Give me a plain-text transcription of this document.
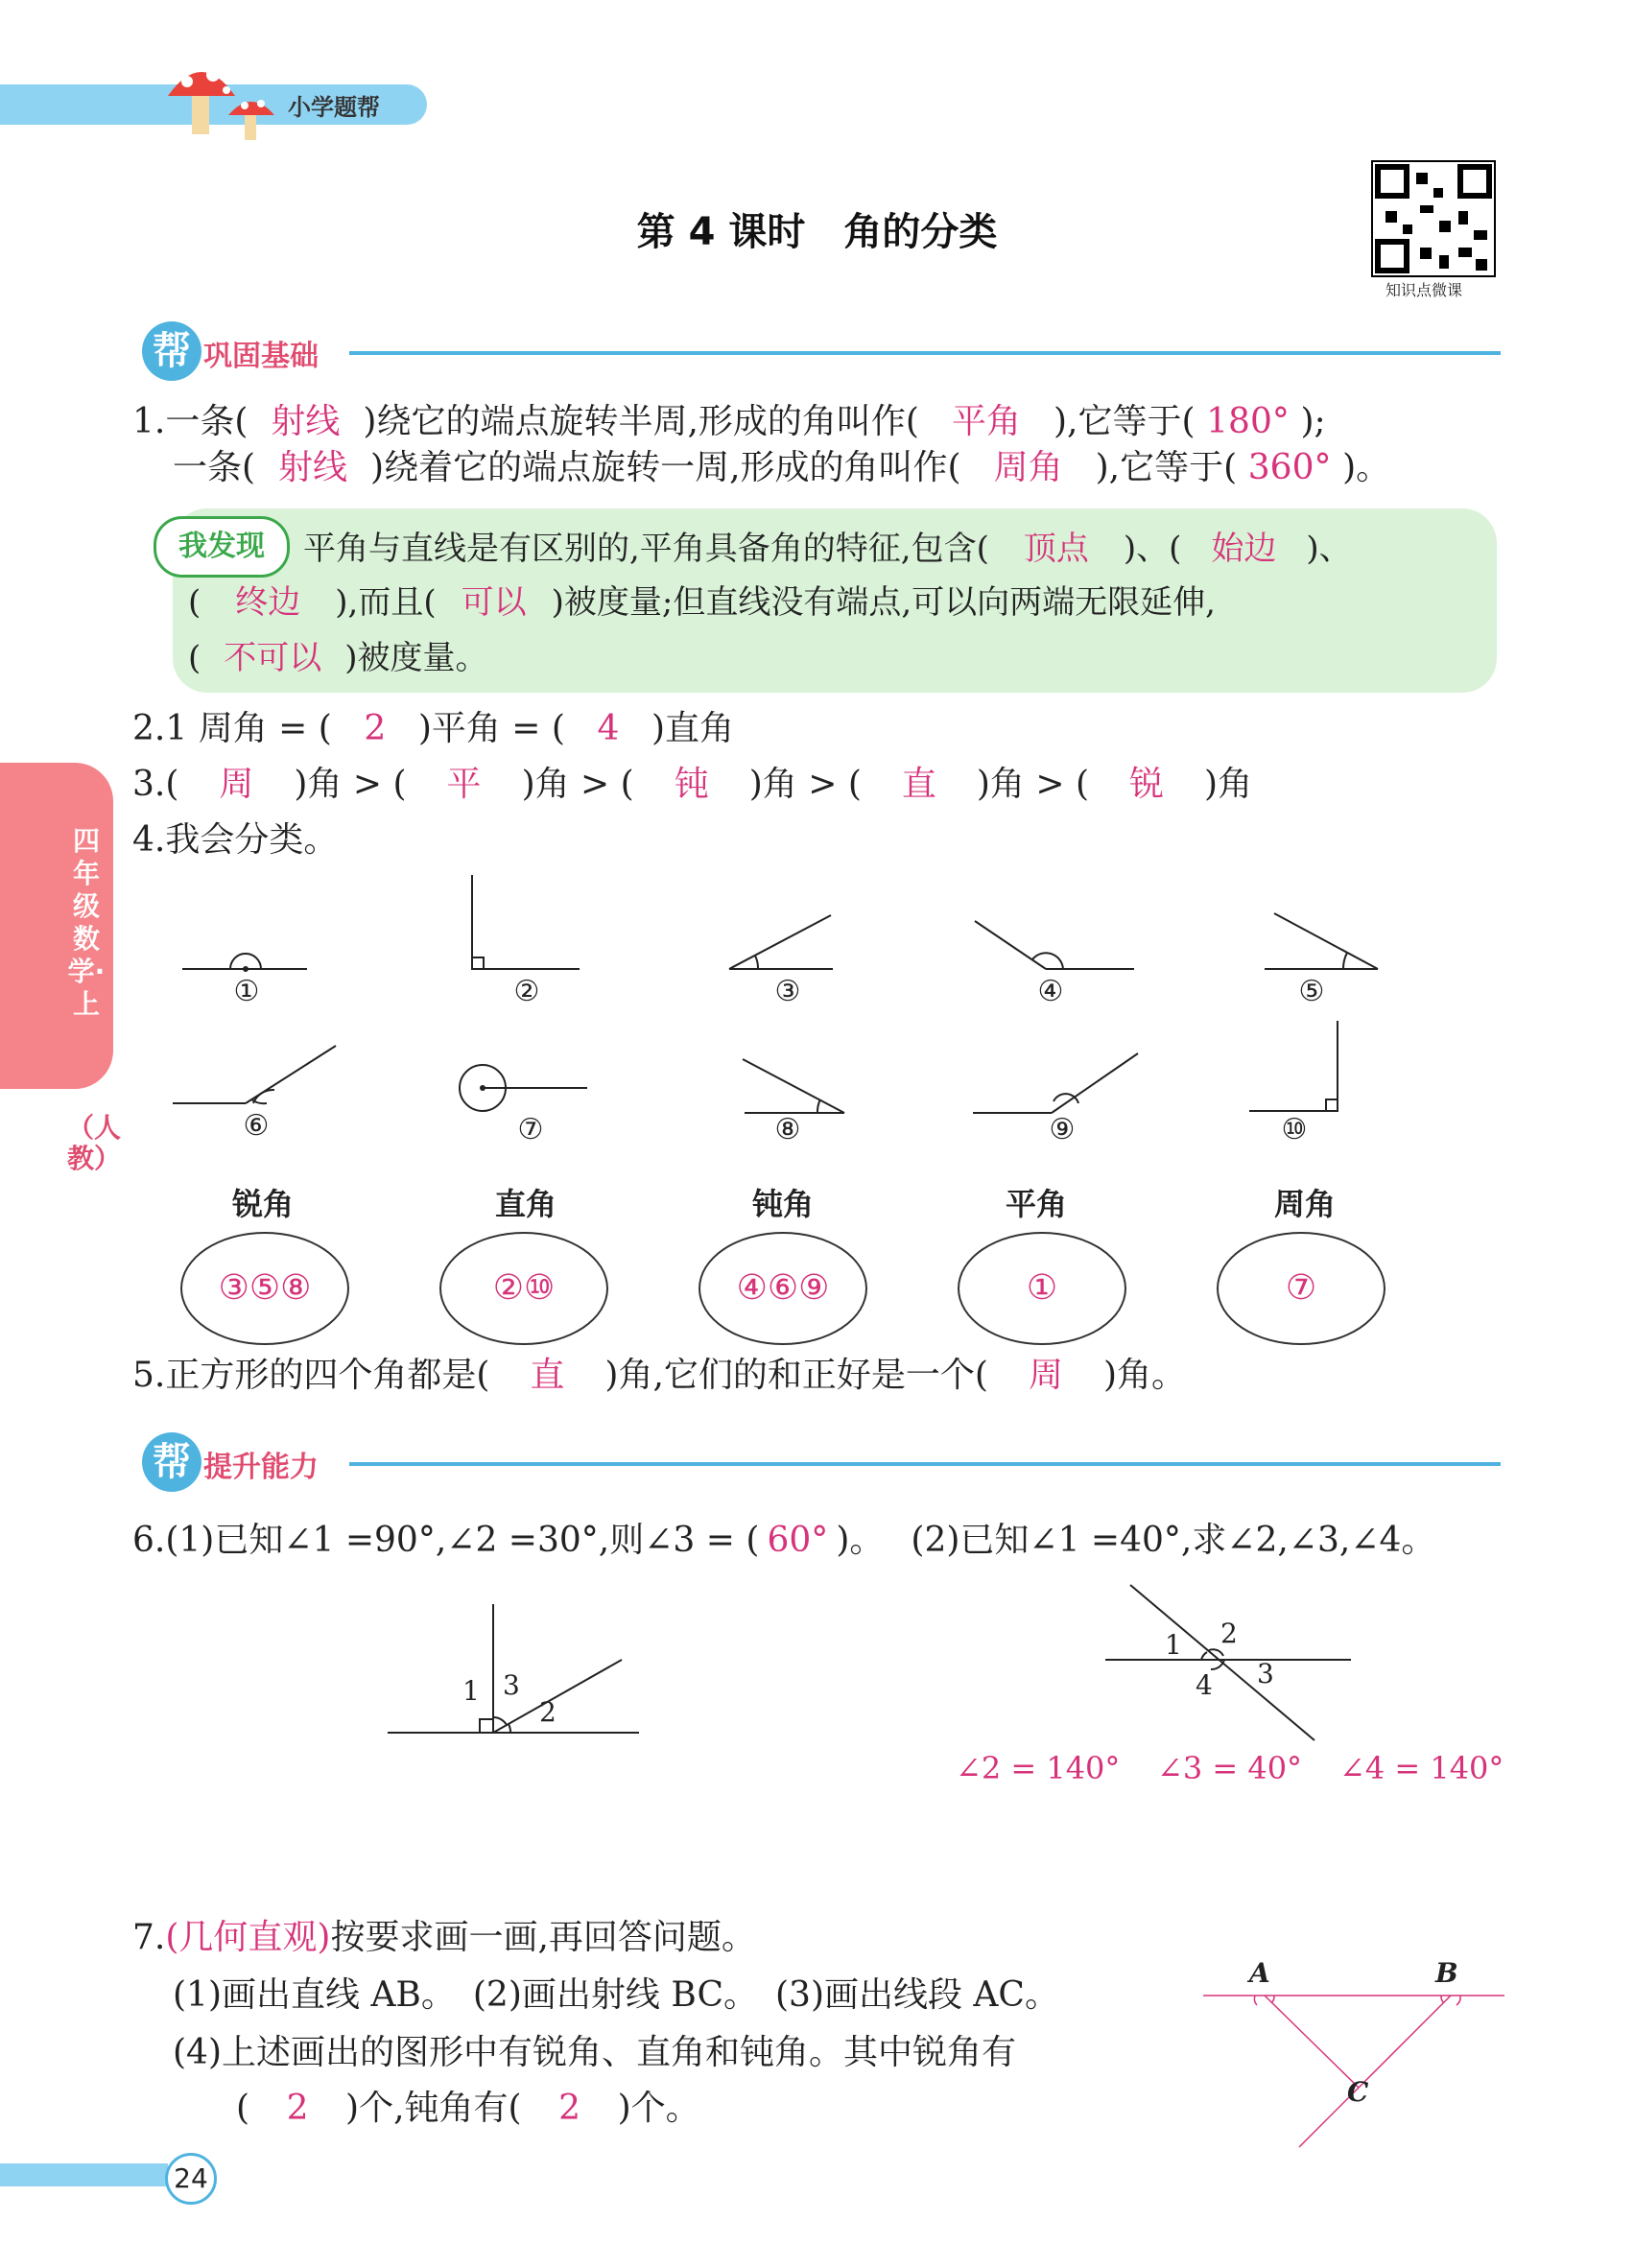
小学题帮
第 4 课时　角的分类
知识点微课
帮 巩固基础
四年级数学·上
（人教）
1.一条( 射线 )绕它的端点旋转半周,形成的角叫作( 平角 ),它等于( 180° );
一条( 射线 )绕着它的端点旋转一周,形成的角叫作( 周角 ),它等于( 360° )。
我发现	平角与直线是有区别的,平角具备角的特征,包含( 顶点 )、( 始边 )、
( 终边 ),而且( 可以 )被度量;但直线没有端点,可以向两端无限延伸,
( 不可以 )被度量。
2.1 周角 = ( 2 )平角 = ( 4 )直角
3.( 周 )角 > ( 平 )角 > ( 钝 )角 > ( 直 )角 > ( 锐 )角
4.我会分类。
①	②	③	④	⑤
⑥	⑦	⑧	⑨	⑩
锐角	直角	钝角	平角	周角
③⑤⑧	②⑩	④⑥⑨	①	⑦
5.正方形的四个角都是( 直 )角,它们的和正好是一个( 周 )角。
帮 提升能力
6.(1)已知∠1 =90°,∠2 =30°,则∠3 = ( 60° )。 (2)已知∠1 =40°,求∠2,∠3,∠4。
1 3
2
1 2
4 3
∠2 = 140° ∠3 = 40° ∠4 = 140°
7.(几何直观)按要求画一画,再回答问题。
(1)画出直线 AB。　(2)画出射线 BC。　(3)画出线段 AC。
(4)上述画出的图形中有锐角、直角和钝角。其中锐角有
( 2 )个,钝角有( 2 )个。
A	B
C
24
